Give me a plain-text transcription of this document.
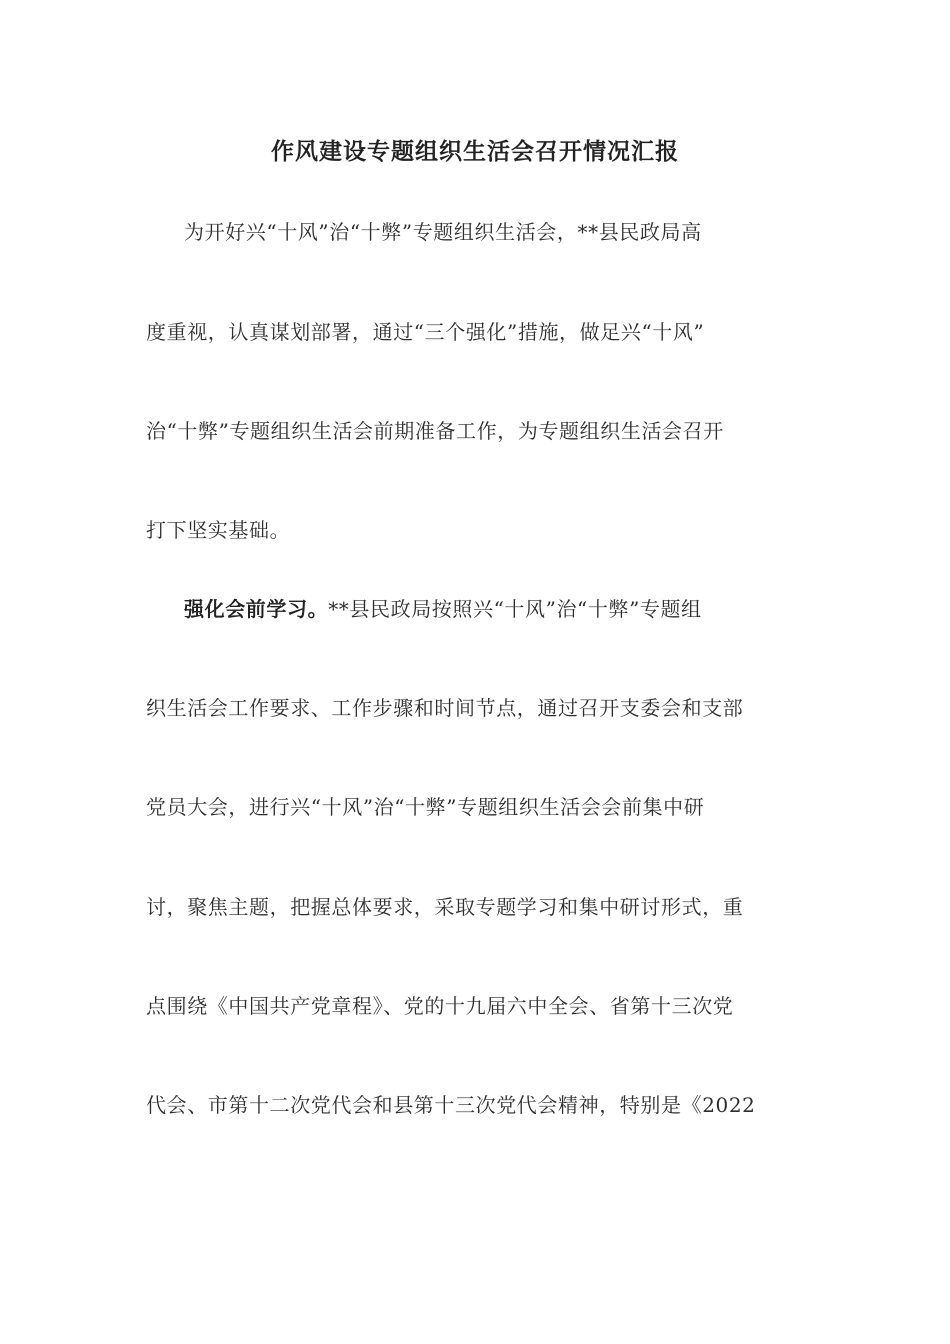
作风建设专题组织生活会召开情况汇报
为开好兴“十风”治“十弊”专题组织生活会，**县民政局高
度重视，认真谋划部署，通过“三个强化”措施，做足兴“十风”
治“十弊”专题组织生活会前期准备工作，为专题组织生活会召开
打下坚实基础。
强化会前学习。**县民政局按照兴“十风”治“十弊”专题组
织生活会工作要求、工作步骤和时间节点，通过召开支委会和支部
党员大会，进行兴“十风”治“十弊”专题组织生活会会前集中研
讨，聚焦主题，把握总体要求，采取专题学习和集中研讨形式，重
点围绕《中国共产党章程》、党的十九届六中全会、省第十三次党
代会、市第十二次党代会和县第十三次党代会精神，特别是《2022
